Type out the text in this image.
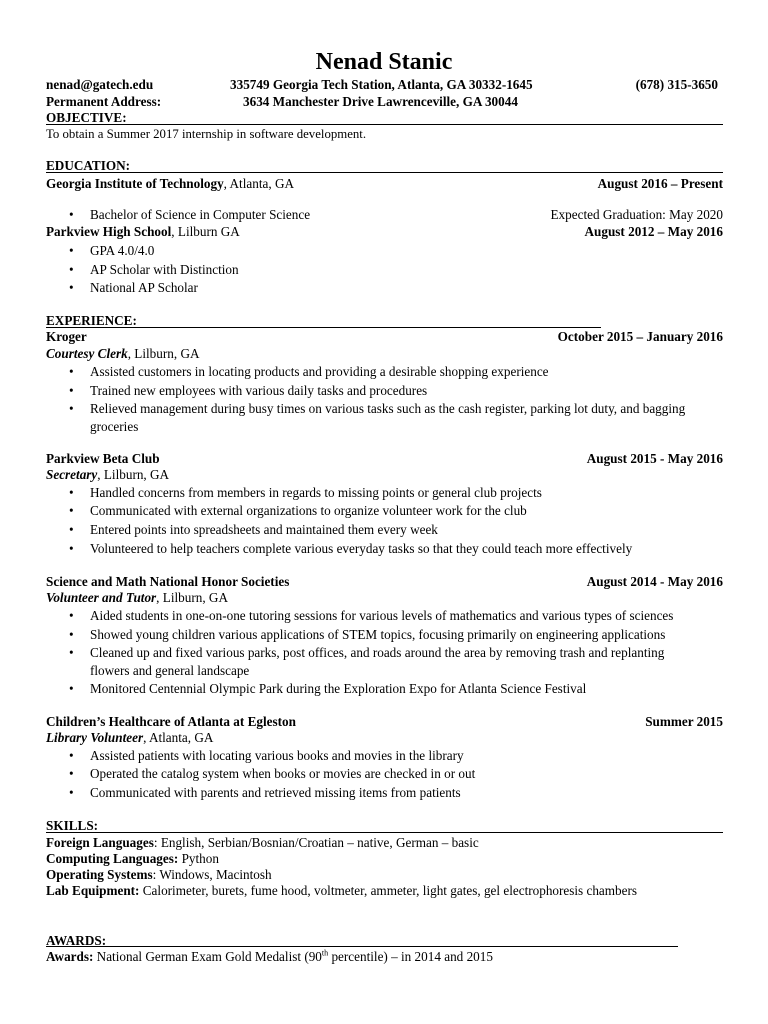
Nenad Stanic
nenad@gatech.edu	335749 Georgia Tech Station, Atlanta, GA 30332-1645	(678) 315-3650
Permanent Address:	3634 Manchester Drive Lawrenceville, GA 30044
OBJECTIVE:
To obtain a Summer 2017 internship in software development.
EDUCATION:
Georgia Institute of Technology, Atlanta, GA	August 2016 – Present
• Bachelor of Science in Computer Science	Expected Graduation: May 2020
Parkview High School, Lilburn GA	August 2012 – May 2016
• GPA 4.0/4.0
• AP Scholar with Distinction
• National AP Scholar
EXPERIENCE:
Kroger	October 2015 – January 2016
Courtesy Clerk, Lilburn, GA
• Assisted customers in locating products and providing a desirable shopping experience
• Trained new employees with various daily tasks and procedures
• Relieved management during busy times on various tasks such as the cash register, parking lot duty, and bagging groceries
Parkview Beta Club	August 2015 - May 2016
Secretary, Lilburn, GA
• Handled concerns from members in regards to missing points or general club projects
• Communicated with external organizations to organize volunteer work for the club
• Entered points into spreadsheets and maintained them every week
• Volunteered to help teachers complete various everyday tasks so that they could teach more effectively
Science and Math National Honor Societies	August 2014 - May 2016
Volunteer and Tutor, Lilburn, GA
• Aided students in one-on-one tutoring sessions for various levels of mathematics and various types of sciences
• Showed young children various applications of STEM topics, focusing primarily on engineering applications
• Cleaned up and fixed various parks, post offices, and roads around the area by removing trash and replanting flowers and general landscape
• Monitored Centennial Olympic Park during the Exploration Expo for Atlanta Science Festival
Children’s Healthcare of Atlanta at Egleston	Summer 2015
Library Volunteer, Atlanta, GA
• Assisted patients with locating various books and movies in the library
• Operated the catalog system when books or movies are checked in or out
• Communicated with parents and retrieved missing items from patients
SKILLS:
Foreign Languages: English, Serbian/Bosnian/Croatian – native, German – basic
Computing Languages: Python
Operating Systems: Windows, Macintosh
Lab Equipment: Calorimeter, burets, fume hood, voltmeter, ammeter, light gates, gel electrophoresis chambers
AWARDS:
Awards: National German Exam Gold Medalist (90th percentile) – in 2014 and 2015
